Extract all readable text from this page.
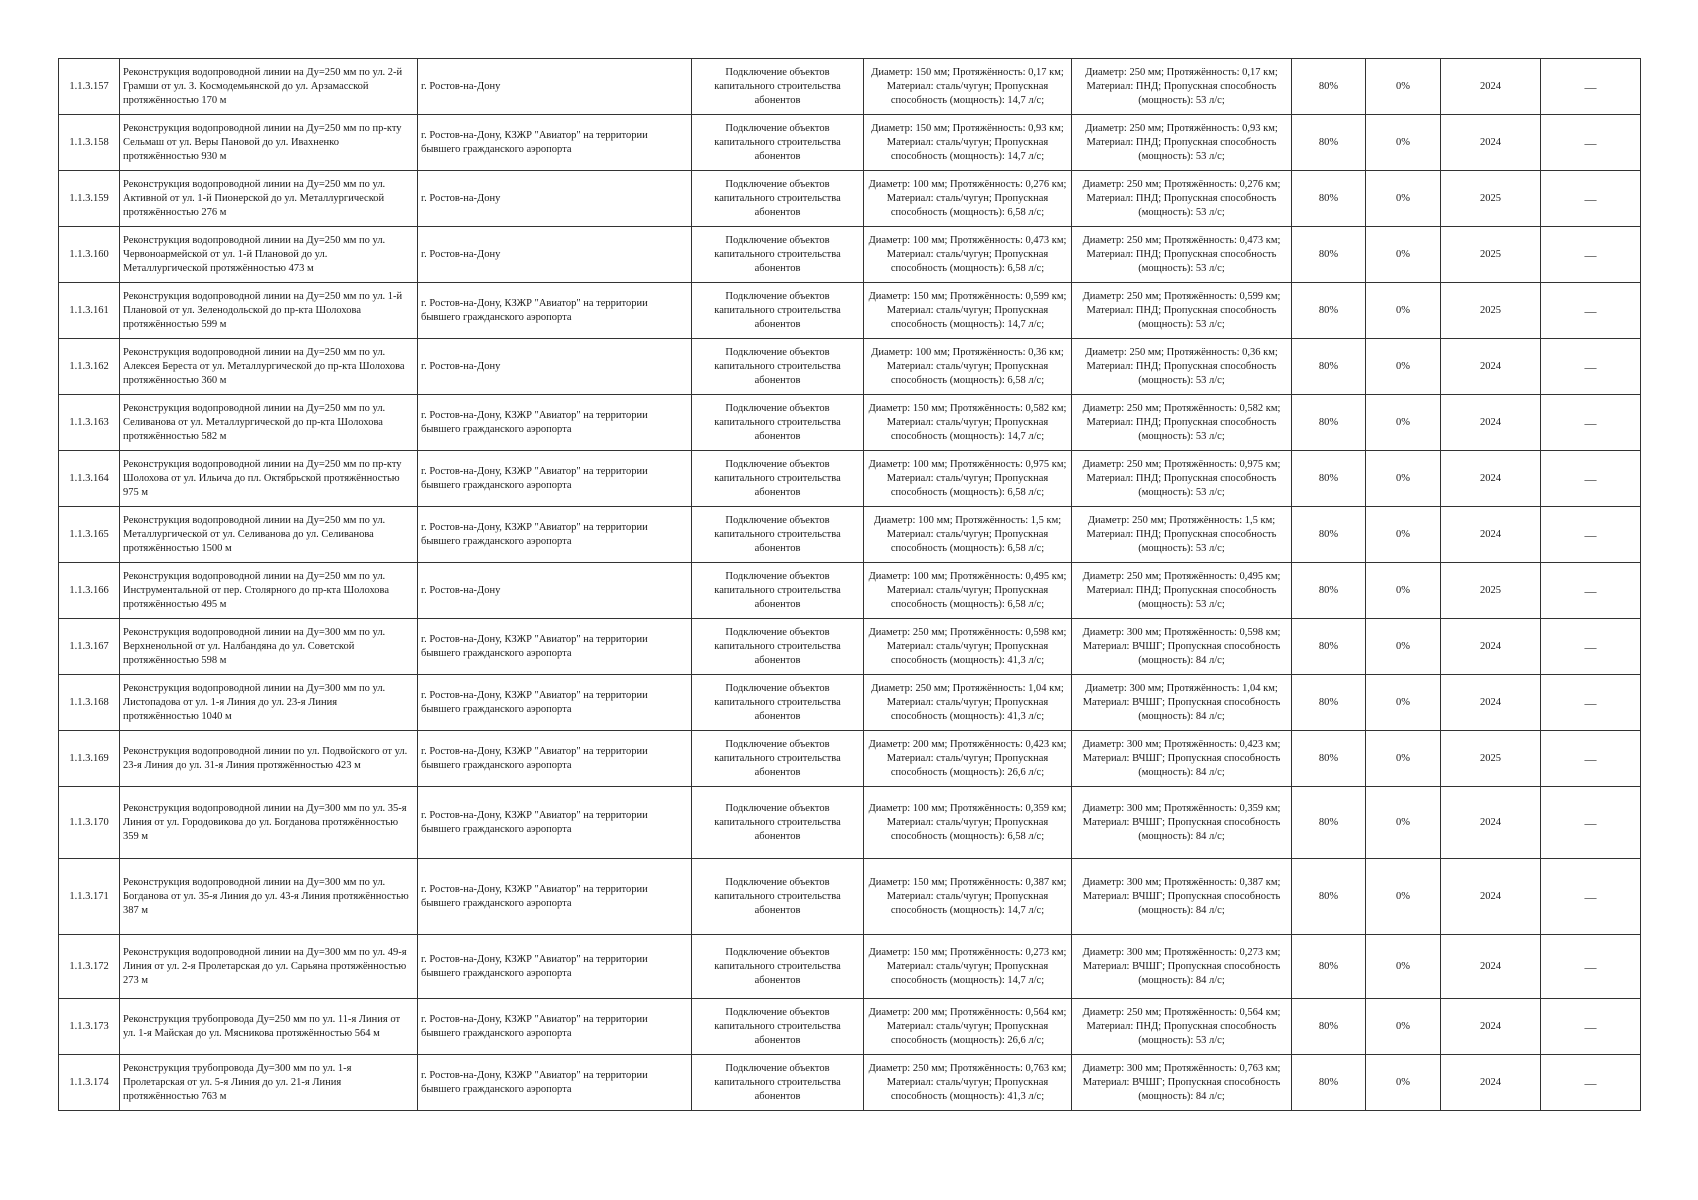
1.1.3.157	Реконструкция водопроводной линии на Ду=250 мм по ул. 2-й Грамши от ул. З. Космодемьянской до ул. Арзамасской протяжённостью 170 м	г. Ростов-на-Дону	Подключение объектов капитального строительства абонентов	Диаметр: 150 мм; Протяжённость: 0,17 км; Материал: сталь/чугун; Пропускная способность (мощность): 14,7 л/с;	Диаметр: 250 мм; Протяжённость: 0,17 км; Материал: ПНД; Пропускная способность (мощность): 53 л/с;	80%	0%	2024	—
1.1.3.158	Реконструкция водопроводной линии на Ду=250 мм по пр-кту Сельмаш от ул. Веры Пановой до ул. Ивахненко протяжённостью 930 м	г. Ростов-на-Дону, КЗЖР "Авиатор" на территории бывшего гражданского аэропорта	Подключение объектов капитального строительства абонентов	Диаметр: 150 мм; Протяжённость: 0,93 км; Материал: сталь/чугун; Пропускная способность (мощность): 14,7 л/с;	Диаметр: 250 мм; Протяжённость: 0,93 км; Материал: ПНД; Пропускная способность (мощность): 53 л/с;	80%	0%	2024	—
1.1.3.159	Реконструкция водопроводной линии на Ду=250 мм по ул. Активной от ул. 1-й Пионерской до ул. Металлургической протяжённостью 276 м	г. Ростов-на-Дону	Подключение объектов капитального строительства абонентов	Диаметр: 100 мм; Протяжённость: 0,276 км; Материал: сталь/чугун; Пропускная способность (мощность): 6,58 л/с;	Диаметр: 250 мм; Протяжённость: 0,276 км; Материал: ПНД; Пропускная способность (мощность): 53 л/с;	80%	0%	2025	—
1.1.3.160	Реконструкция водопроводной линии на Ду=250 мм по ул. Червоноармейской от ул. 1-й Плановой до ул. Металлургической протяжённостью 473 м	г. Ростов-на-Дону	Подключение объектов капитального строительства абонентов	Диаметр: 100 мм; Протяжённость: 0,473 км; Материал: сталь/чугун; Пропускная способность (мощность): 6,58 л/с;	Диаметр: 250 мм; Протяжённость: 0,473 км; Материал: ПНД; Пропускная способность (мощность): 53 л/с;	80%	0%	2025	—
1.1.3.161	Реконструкция водопроводной линии на Ду=250 мм по ул. 1-й Плановой от ул. Зеленодольской до пр-кта Шолохова протяжённостью 599 м	г. Ростов-на-Дону, КЗЖР "Авиатор" на территории бывшего гражданского аэропорта	Подключение объектов капитального строительства абонентов	Диаметр: 150 мм; Протяжённость: 0,599 км; Материал: сталь/чугун; Пропускная способность (мощность): 14,7 л/с;	Диаметр: 250 мм; Протяжённость: 0,599 км; Материал: ПНД; Пропускная способность (мощность): 53 л/с;	80%	0%	2025	—
1.1.3.162	Реконструкция водопроводной линии на Ду=250 мм по ул. Алексея Береста от ул. Металлургической до пр-кта Шолохова протяжённостью 360 м	г. Ростов-на-Дону	Подключение объектов капитального строительства абонентов	Диаметр: 100 мм; Протяжённость: 0,36 км; Материал: сталь/чугун; Пропускная способность (мощность): 6,58 л/с;	Диаметр: 250 мм; Протяжённость: 0,36 км; Материал: ПНД; Пропускная способность (мощность): 53 л/с;	80%	0%	2024	—
1.1.3.163	Реконструкция водопроводной линии на Ду=250 мм по ул. Селиванова от ул. Металлургической до пр-кта Шолохова протяжённостью 582 м	г. Ростов-на-Дону, КЗЖР "Авиатор" на территории бывшего гражданского аэропорта	Подключение объектов капитального строительства абонентов	Диаметр: 150 мм; Протяжённость: 0,582 км; Материал: сталь/чугун; Пропускная способность (мощность): 14,7 л/с;	Диаметр: 250 мм; Протяжённость: 0,582 км; Материал: ПНД; Пропускная способность (мощность): 53 л/с;	80%	0%	2024	—
1.1.3.164	Реконструкция водопроводной линии на Ду=250 мм по пр-кту Шолохова от ул. Ильича до пл. Октябрьской протяжённостью 975 м	г. Ростов-на-Дону, КЗЖР "Авиатор" на территории бывшего гражданского аэропорта	Подключение объектов капитального строительства абонентов	Диаметр: 100 мм; Протяжённость: 0,975 км; Материал: сталь/чугун; Пропускная способность (мощность): 6,58 л/с;	Диаметр: 250 мм; Протяжённость: 0,975 км; Материал: ПНД; Пропускная способность (мощность): 53 л/с;	80%	0%	2024	—
1.1.3.165	Реконструкция водопроводной линии на Ду=250 мм по ул. Металлургической от ул. Селиванова до ул. Селиванова протяжённостью 1500 м	г. Ростов-на-Дону, КЗЖР "Авиатор" на территории бывшего гражданского аэропорта	Подключение объектов капитального строительства абонентов	Диаметр: 100 мм; Протяжённость: 1,5 км; Материал: сталь/чугун; Пропускная способность (мощность): 6,58 л/с;	Диаметр: 250 мм; Протяжённость: 1,5 км; Материал: ПНД; Пропускная способность (мощность): 53 л/с;	80%	0%	2024	—
1.1.3.166	Реконструкция водопроводной линии на Ду=250 мм по ул. Инструментальной от пер. Столярного до пр-кта Шолохова протяжённостью 495 м	г. Ростов-на-Дону	Подключение объектов капитального строительства абонентов	Диаметр: 100 мм; Протяжённость: 0,495 км; Материал: сталь/чугун; Пропускная способность (мощность): 6,58 л/с;	Диаметр: 250 мм; Протяжённость: 0,495 км; Материал: ПНД; Пропускная способность (мощность): 53 л/с;	80%	0%	2025	—
1.1.3.167	Реконструкция водопроводной линии на Ду=300 мм по ул. Верхненольной от ул. Налбандяна до ул. Советской протяжённостью 598 м	г. Ростов-на-Дону, КЗЖР "Авиатор" на территории бывшего гражданского аэропорта	Подключение объектов капитального строительства абонентов	Диаметр: 250 мм; Протяжённость: 0,598 км; Материал: сталь/чугун; Пропускная способность (мощность): 41,3 л/с;	Диаметр: 300 мм; Протяжённость: 0,598 км; Материал: ВЧШГ; Пропускная способность (мощность): 84 л/с;	80%	0%	2024	—
1.1.3.168	Реконструкция водопроводной линии на Ду=300 мм по ул. Листопадова от ул. 1-я Линия до ул. 23-я Линия протяжённостью 1040 м	г. Ростов-на-Дону, КЗЖР "Авиатор" на территории бывшего гражданского аэропорта	Подключение объектов капитального строительства абонентов	Диаметр: 250 мм; Протяжённость: 1,04 км; Материал: сталь/чугун; Пропускная способность (мощность): 41,3 л/с;	Диаметр: 300 мм; Протяжённость: 1,04 км; Материал: ВЧШГ; Пропускная способность (мощность): 84 л/с;	80%	0%	2024	—
1.1.3.169	Реконструкция водопроводной линии по ул. Подвойского от ул. 23-я Линия до ул. 31-я Линия протяжённостью 423 м	г. Ростов-на-Дону, КЗЖР "Авиатор" на территории бывшего гражданского аэропорта	Подключение объектов капитального строительства абонентов	Диаметр: 200 мм; Протяжённость: 0,423 км; Материал: сталь/чугун; Пропускная способность (мощность): 26,6 л/с;	Диаметр: 300 мм; Протяжённость: 0,423 км; Материал: ВЧШГ; Пропускная способность (мощность): 84 л/с;	80%	0%	2025	—
1.1.3.170	Реконструкция водопроводной линии на Ду=300 мм по ул. 35-я Линия от ул. Городовикова до ул. Богданова протяжённостью 359 м	г. Ростов-на-Дону, КЗЖР "Авиатор" на территории бывшего гражданского аэропорта	Подключение объектов капитального строительства абонентов	Диаметр: 100 мм; Протяжённость: 0,359 км; Материал: сталь/чугун; Пропускная способность (мощность): 6,58 л/с;	Диаметр: 300 мм; Протяжённость: 0,359 км; Материал: ВЧШГ; Пропускная способность (мощность): 84 л/с;	80%	0%	2024	—
1.1.3.171	Реконструкция водопроводной линии на Ду=300 мм по ул. Богданова от ул. 35-я Линия до ул. 43-я Линия протяжённостью 387 м	г. Ростов-на-Дону, КЗЖР "Авиатор" на территории бывшего гражданского аэропорта	Подключение объектов капитального строительства абонентов	Диаметр: 150 мм; Протяжённость: 0,387 км; Материал: сталь/чугун; Пропускная способность (мощность): 14,7 л/с;	Диаметр: 300 мм; Протяжённость: 0,387 км; Материал: ВЧШГ; Пропускная способность (мощность): 84 л/с;	80%	0%	2024	—
1.1.3.172	Реконструкция водопроводной линии на Ду=300 мм по ул. 49-я Линия от ул. 2-я Пролетарская до ул. Сарьяна протяжённостью 273 м	г. Ростов-на-Дону, КЗЖР "Авиатор" на территории бывшего гражданского аэропорта	Подключение объектов капитального строительства абонентов	Диаметр: 150 мм; Протяжённость: 0,273 км; Материал: сталь/чугун; Пропускная способность (мощность): 14,7 л/с;	Диаметр: 300 мм; Протяжённость: 0,273 км; Материал: ВЧШГ; Пропускная способность (мощность): 84 л/с;	80%	0%	2024	—
1.1.3.173	Реконструкция трубопровода Ду=250 мм по ул. 11-я Линия от ул. 1-я Майская до ул. Мясникова протяжённостью 564 м	г. Ростов-на-Дону, КЗЖР "Авиатор" на территории бывшего гражданского аэропорта	Подключение объектов капитального строительства абонентов	Диаметр: 200 мм; Протяжённость: 0,564 км; Материал: сталь/чугун; Пропускная способность (мощность): 26,6 л/с;	Диаметр: 250 мм; Протяжённость: 0,564 км; Материал: ПНД; Пропускная способность (мощность): 53 л/с;	80%	0%	2024	—
1.1.3.174	Реконструкция трубопровода Ду=300 мм по ул. 1-я Пролетарская от ул. 5-я Линия до ул. 21-я Линия протяжённостью 763 м	г. Ростов-на-Дону, КЗЖР "Авиатор" на территории бывшего гражданского аэропорта	Подключение объектов капитального строительства абонентов	Диаметр: 250 мм; Протяжённость: 0,763 км; Материал: сталь/чугун; Пропускная способность (мощность): 41,3 л/с;	Диаметр: 300 мм; Протяжённость: 0,763 км; Материал: ВЧШГ; Пропускная способность (мощность): 84 л/с;	80%	0%	2024	—
